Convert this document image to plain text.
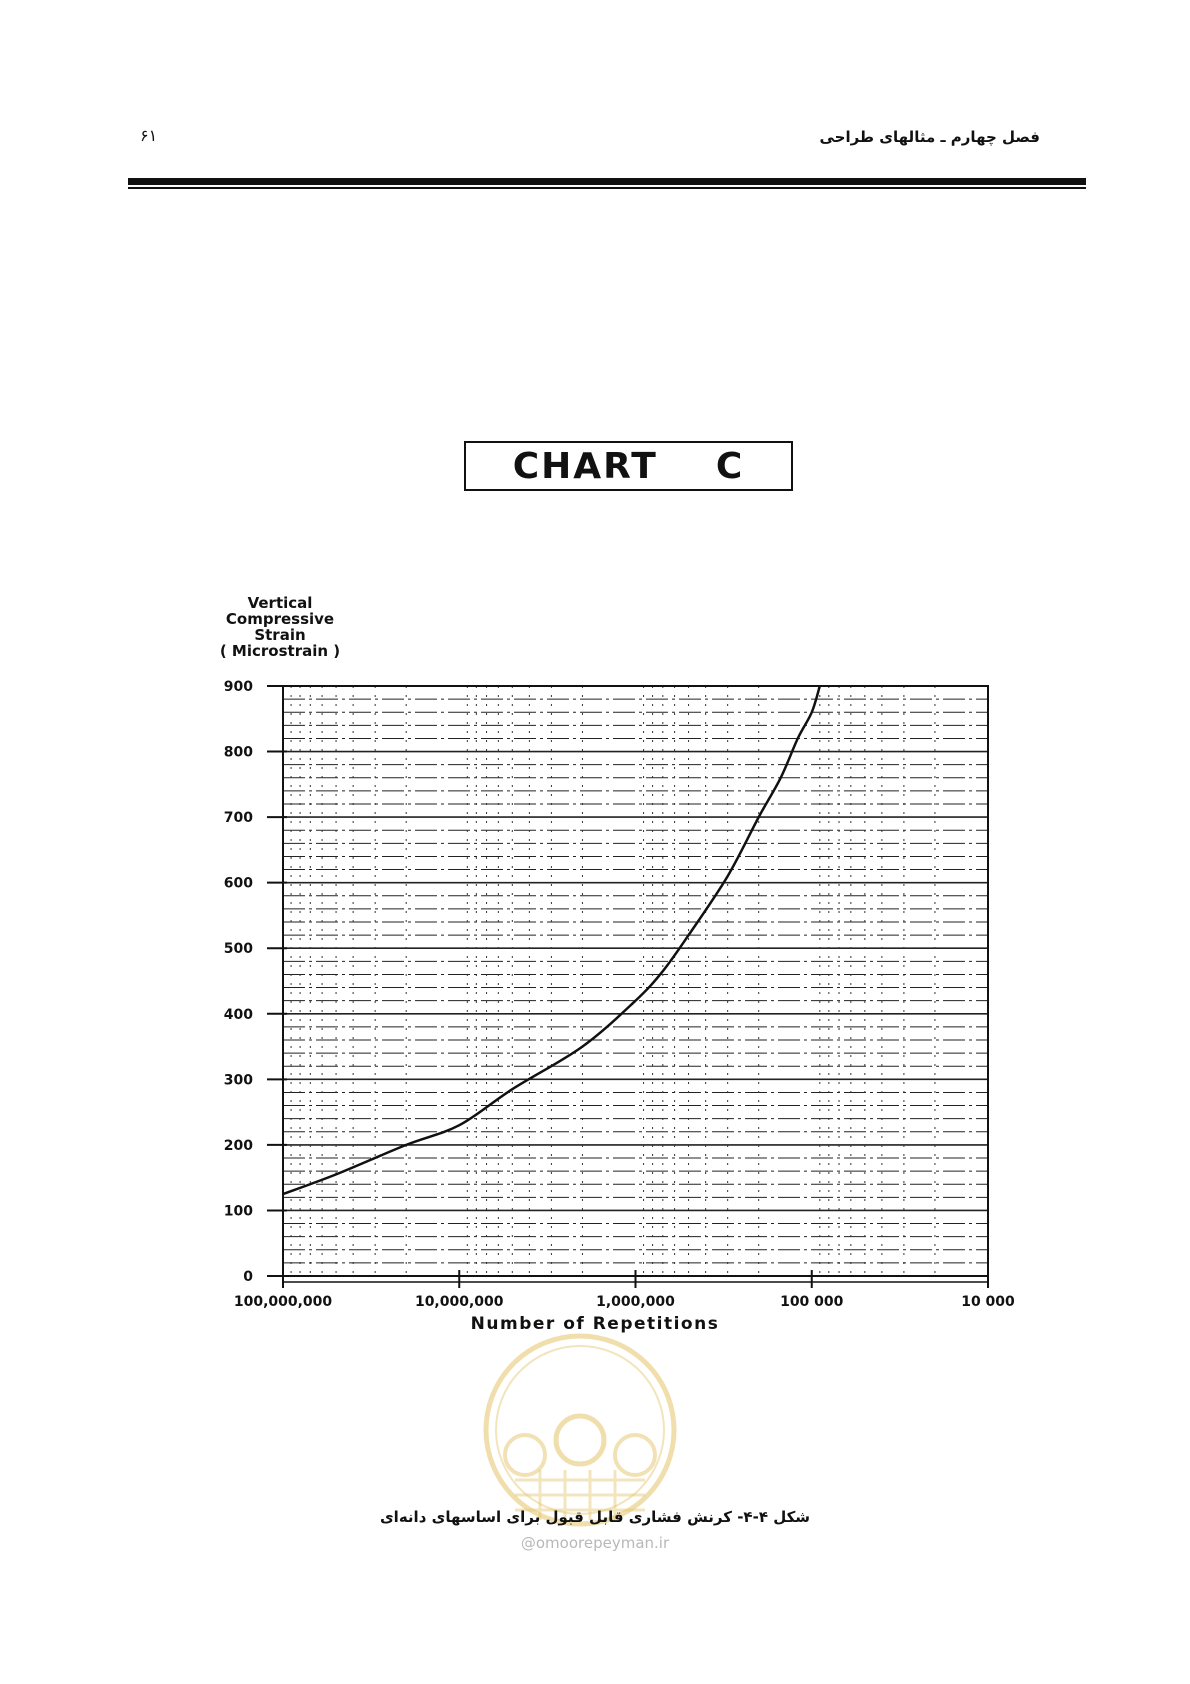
فصل چهارم ـ مثالهای طراحی
۶۱
CHART    C
Vertical
Compressive
Strain
( Microstrain )
100,000,000	10,000,000	1,000,000	100 000	10 000
0
100
200
300
400
500
600
700
800
900
Number of Repetitions
شکل ۴-۴- کرنش فشاری قابل قبول برای اساسهای دانه‌ای
@omoorepeyman.ir
